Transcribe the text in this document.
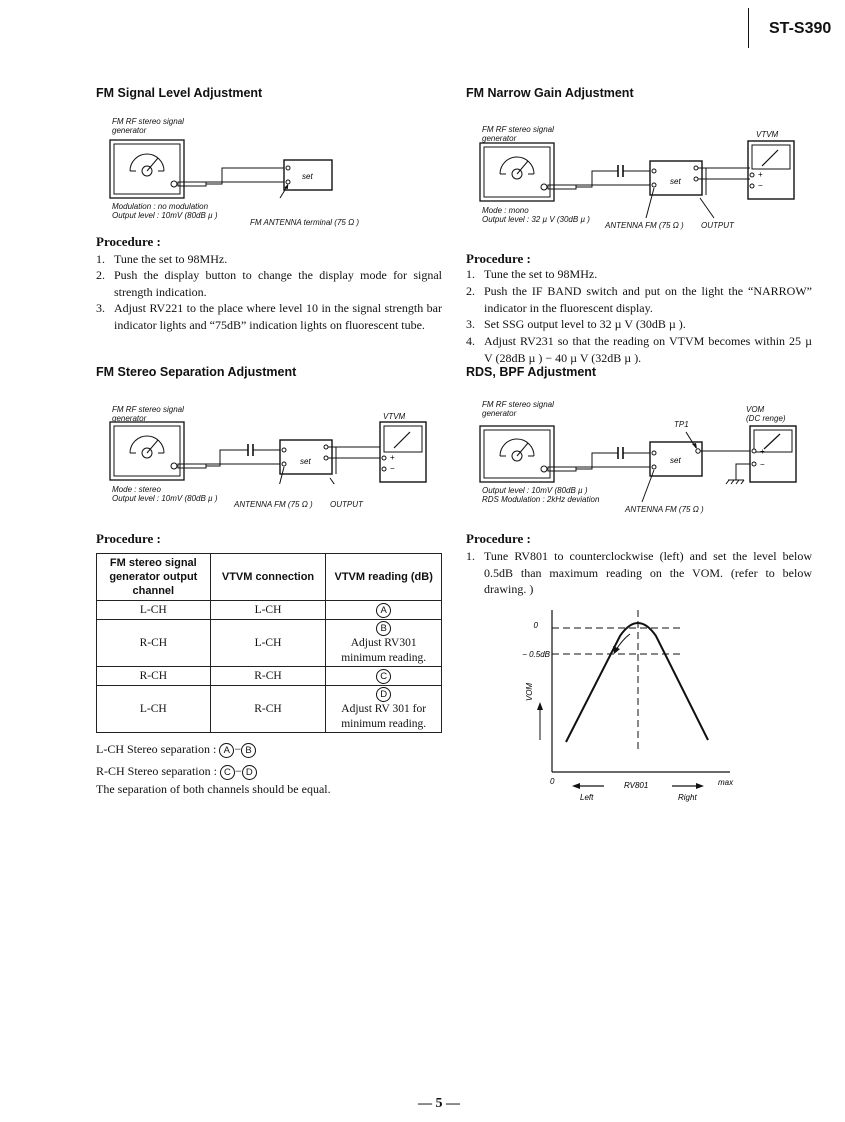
ST-S390
FM Signal Level Adjustment
FM RF stereo signal generator
set
Modulation : no modulation
Output level : 10mV (80dB µ )
FM ANTENNA terminal (75 Ω )
Procedure :
1. Tune the set to 98MHz.
2. Push the display button to change the display mode for signal strength indication.
3. Adjust RV221 to the place where level 10 in the signal strength bar indicator lights and “75dB” indication lights on fluorescent tube.
FM Stereo Separation Adjustment
FM RF stereo signal generator	VTVM
set	+
−
Mode : stereo
Output level : 10mV (80dB µ )
ANTENNA FM (75 Ω ) OUTPUT
Procedure :
FM stereo signal generator output channel	VTVM connection	VTVM reading (dB)
L-CH	L-CH	A
R-CH	L-CH	B
Adjust RV301
minimum reading.
R-CH	R-CH	C
L-CH	R-CH	D
Adjust RV 301 for
minimum reading.
L-CH Stereo separation : A − B
R-CH Stereo separation : C − D
The separation of both channels should be equal.
FM Narrow Gain Adjustment
FM RF stereo signal generator	VTVM
set
+
−
Mode : mono
Output level : 32 µ V (30dB µ )
ANTENNA FM (75 Ω ) OUTPUT
Procedure :
1. Tune the set to 98MHz.
2. Push the IF BAND switch and put on the light the “NARROW” indicator in the fluorescent display.
3. Set SSG output level to 32 µ V (30dB µ ).
4. Adjust RV231 so that the reading on VTVM becomes within 25 µ V (28dB µ ) − 40 µ V (32dB µ ).
RDS, BPF Adjustment
FM RF stereo signal generator	VOM
(DC renge)
TP1
set
+
−
Output level : 10mV (80dB µ )
RDS Modulation : 2kHz deviation
ANTENNA FM (75 Ω )
Procedure :
1. Tune RV801 to counterclockwise (left) and set the level below 0.5dB than maximum reading on the VOM. (refer to below drawing. )
0
− 0.5dB
VOM
0	RV801	max
Left	Right
— 5 —
